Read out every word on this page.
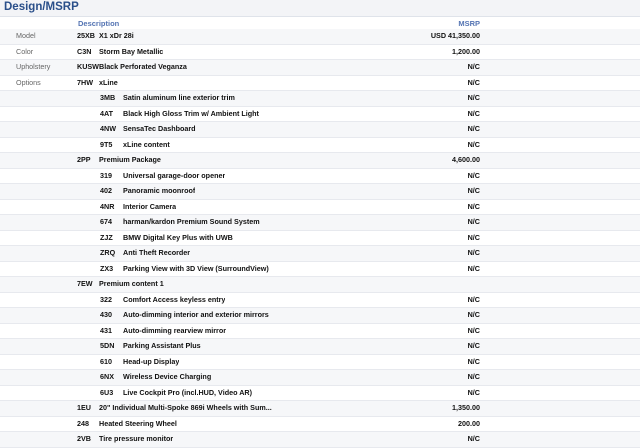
Design/MSRP
Description	MSRP
Model	25XB X1 xDr 28i	USD 41,350.00
Color	C3N Storm Bay Metallic	1,200.00
Upholstery	KUSW Black Perforated Veganza	N/C
Options	7HW xLine	N/C
3MB Satin aluminum line exterior trim	N/C
4AT Black High Gloss Trim w/ Ambient Light	N/C
4NW SensaTec Dashboard	N/C
9T5 xLine content	N/C
2PP Premium Package	4,600.00
319 Universal garage-door opener	N/C
402 Panoramic moonroof	N/C
4NR Interior Camera	N/C
674 harman/kardon Premium Sound System	N/C
ZJZ BMW Digital Key Plus with UWB	N/C
ZRQ Anti Theft Recorder	N/C
ZX3 Parking View with 3D View (SurroundView)	N/C
7EW Premium content 1
322 Comfort Access keyless entry	N/C
430 Auto-dimming interior and exterior mirrors	N/C
431 Auto-dimming rearview mirror	N/C
5DN Parking Assistant Plus	N/C
610 Head-up Display	N/C
6NX Wireless Device Charging	N/C
6U3 Live Cockpit Pro (incl.HUD, Video AR)	N/C
1EU 20" Individual Multi-Spoke 869i Wheels with Sum...	1,350.00
248 Heated Steering Wheel	200.00
2VB Tire pressure monitor	N/C
